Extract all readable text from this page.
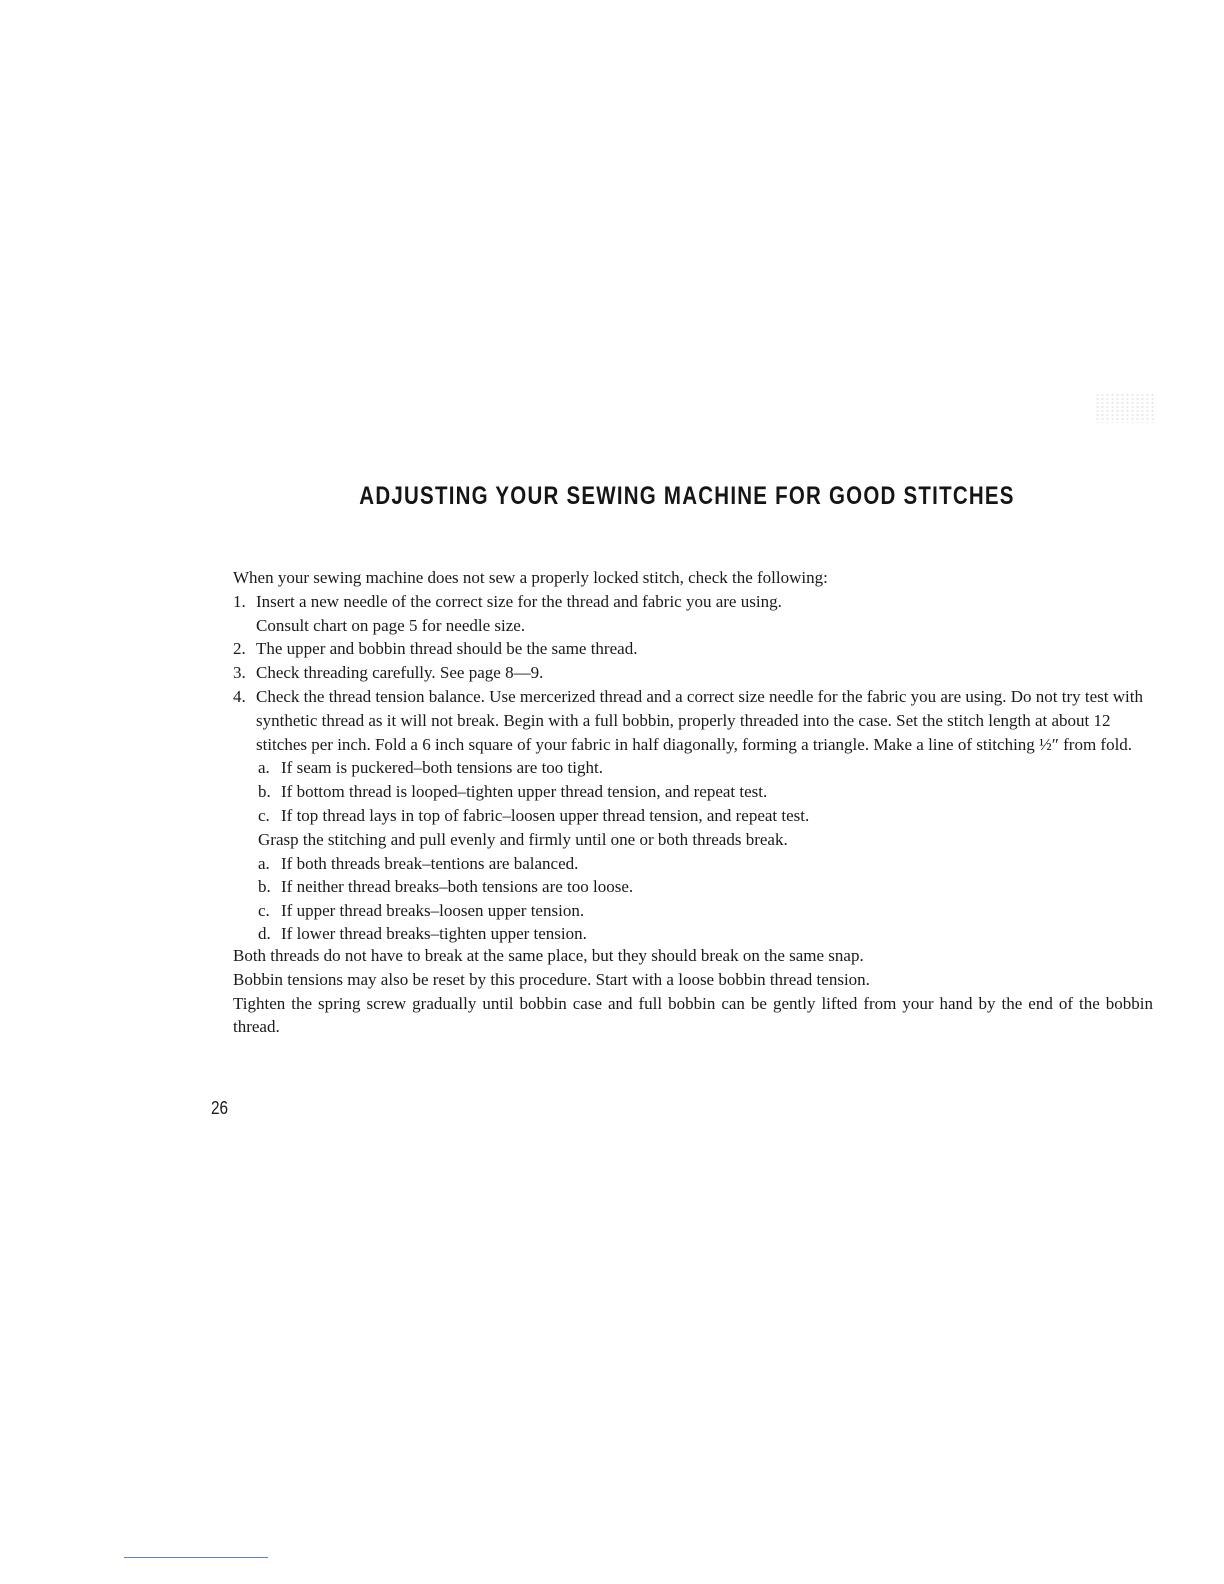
ADJUSTING YOUR SEWING MACHINE FOR GOOD STITCHES

When your sewing machine does not sew a properly locked stitch, check the following:

1. Insert a new needle of the correct size for the thread and fabric you are using.

Consult chart on page 5 for needle size.

2. The upper and bobbin thread should be the same thread.

3. Check threading carefully. See page 8—9.

4. Check the thread tension balance. Use mercerized thread and a correct size needle for the fabric you are using. Do not try test with synthetic thread as it will not break. Begin with a full bobbin, properly threaded into the case. Set the stitch length at about 12 stitches per inch. Fold a 6 inch square of your fabric in half diagonally, forming a triangle. Make a line of stitching ½″ from fold.

a. If seam is puckered–both tensions are too tight.

b. If bottom thread is looped–tighten upper thread tension, and repeat test.

c. If top thread lays in top of fabric–loosen upper thread tension, and repeat test.

Grasp the stitching and pull evenly and firmly until one or both threads break.

a. If both threads break–tentions are balanced.

b. If neither thread breaks–both tensions are too loose.

c. If upper thread breaks–loosen upper tension.

d. If lower thread breaks–tighten upper tension.

Both threads do not have to break at the same place, but they should break on the same snap.

Bobbin tensions may also be reset by this procedure. Start with a loose bobbin thread tension.

Tighten the spring screw gradually until bobbin case and full bobbin can be gently lifted from your hand by the end of the bobbin thread.

26
